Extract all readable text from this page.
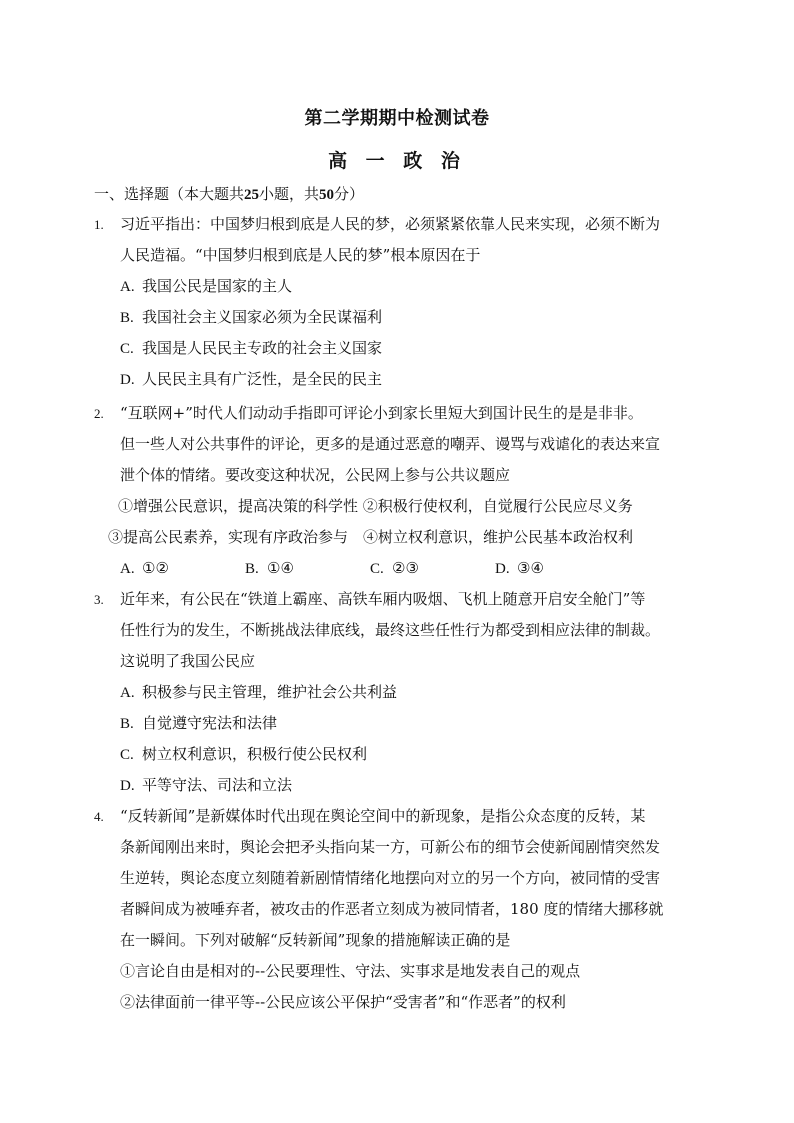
第二学期期中检测试卷
高 一 政 治
一、选择题（本大题共25小题，共50分）
1. 习近平指出：中国梦归根到底是人民的梦，必须紧紧依靠人民来实现，必须不断为
人民造福。“中国梦归根到底是人民的梦”根本原因在于
A. 我国公民是国家的主人
B. 我国社会主义国家必须为全民谋福利
C. 我国是人民民主专政的社会主义国家
D. 人民民主具有广泛性，是全民的民主
2. “互联网+”时代人们动动手指即可评论小到家长里短大到国计民生的是是非非。
但一些人对公共事件的评论，更多的是通过恶意的嘲弄、谩骂与戏谑化的表达来宣
泄个体的情绪。要改变这种状况，公民网上参与公共议题应
①增强公民意识，提高决策的科学性 ②积极行使权利，自觉履行公民应尽义务
③提高公民素养，实现有序政治参与　④树立权利意识，维护公民基本政治权利
A. ①②	B. ①④	C. ②③	D. ③④
3. 近年来，有公民在“铁道上霸座、高铁车厢内吸烟、飞机上随意开启安全舱门”等
任性行为的发生，不断挑战法律底线，最终这些任性行为都受到相应法律的制裁。
这说明了我国公民应
A. 积极参与民主管理，维护社会公共利益
B. 自觉遵守宪法和法律
C. 树立权利意识，积极行使公民权利
D. 平等守法、司法和立法
4. “反转新闻”是新媒体时代出现在舆论空间中的新现象，是指公众态度的反转，某
条新闻刚出来时，舆论会把矛头指向某一方，可新公布的细节会使新闻剧情突然发
生逆转，舆论态度立刻随着新剧情情绪化地摆向对立的另一个方向，被同情的受害
者瞬间成为被唾弃者，被攻击的作恶者立刻成为被同情者，180 度的情绪大挪移就
在一瞬间。下列对破解“反转新闻”现象的措施解读正确的是
①言论自由是相对的--公民要理性、守法、实事求是地发表自己的观点
②法律面前一律平等--公民应该公平保护“受害者”和“作恶者”的权利
